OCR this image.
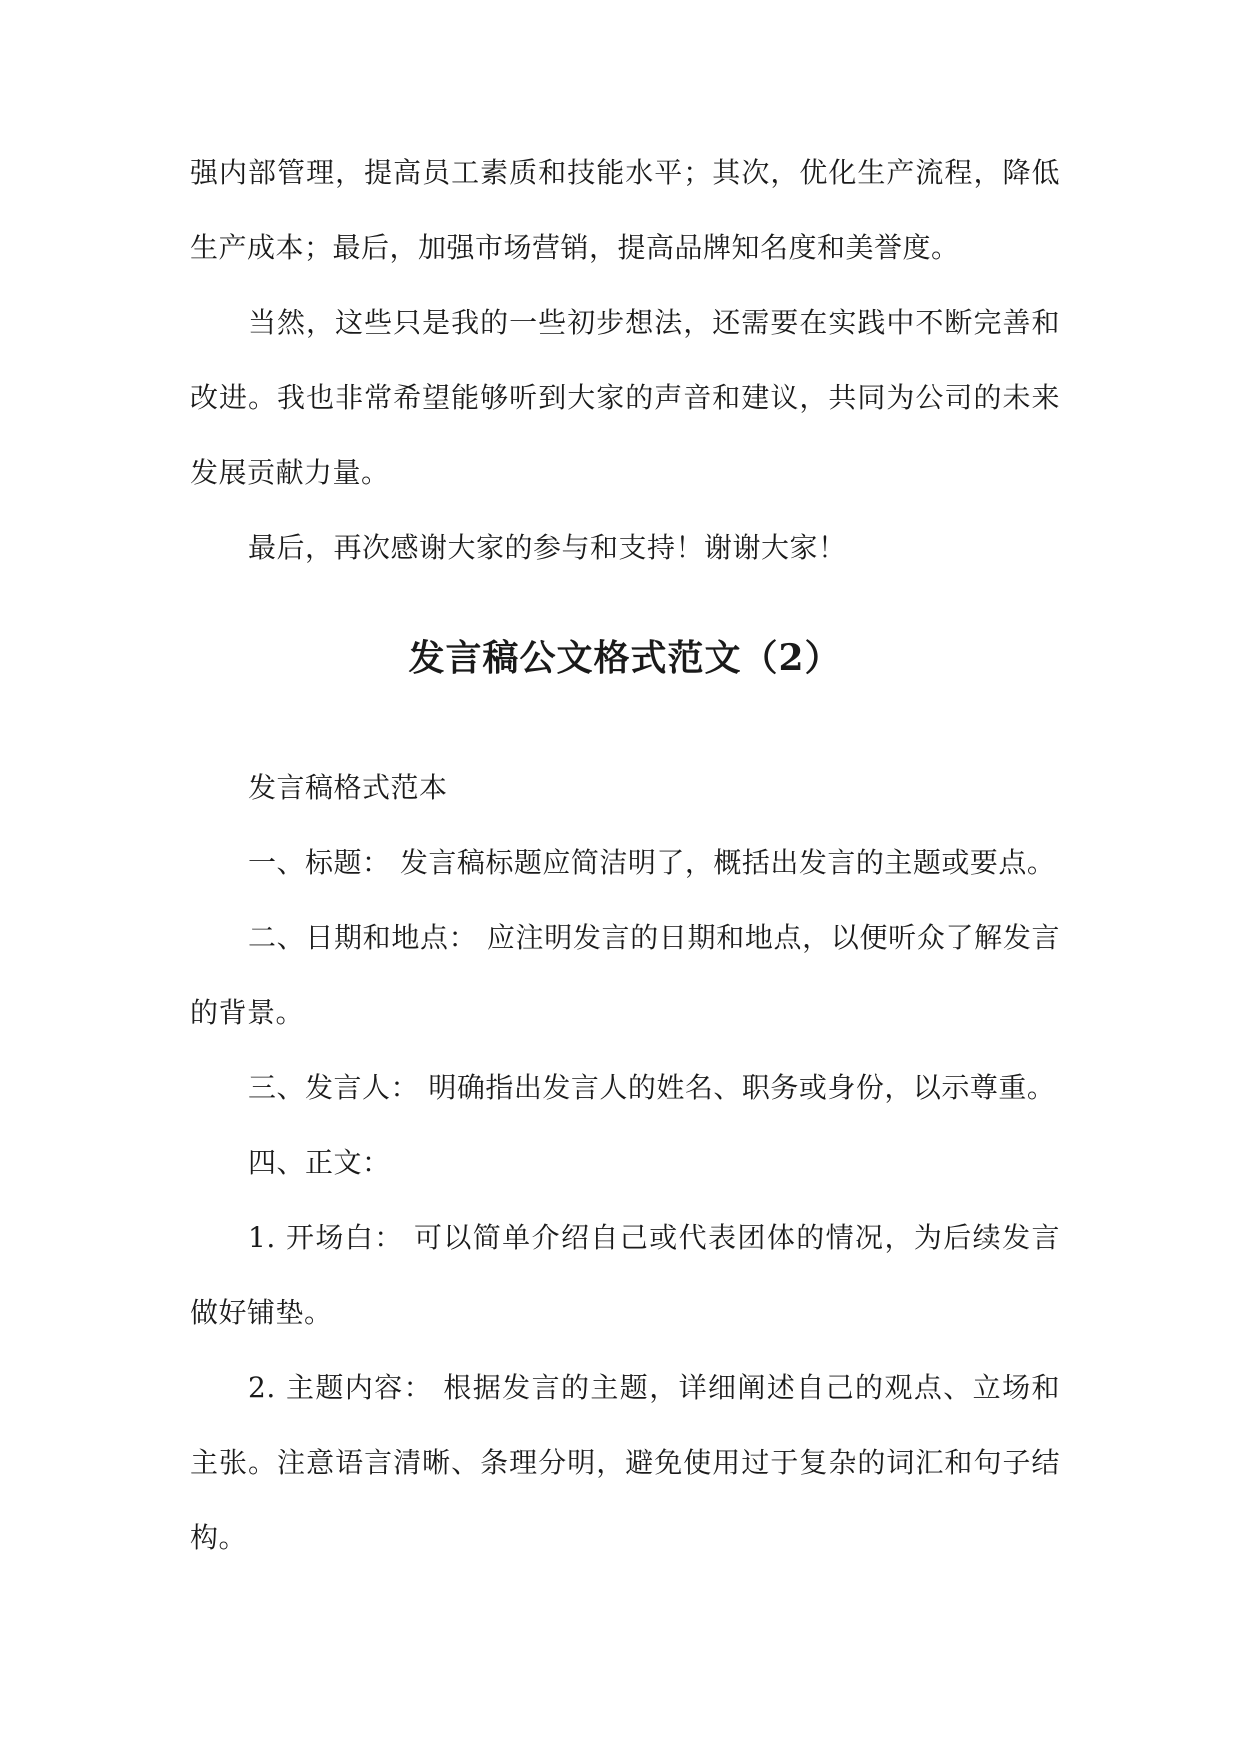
强内部管理，提高员工素质和技能水平；其次，优化生产流程，降低生产成本；最后，加强市场营销，提高品牌知名度和美誉度。

当然，这些只是我的一些初步想法，还需要在实践中不断完善和改进。我也非常希望能够听到大家的声音和建议，共同为公司的未来发展贡献力量。

最后，再次感谢大家的参与和支持！谢谢大家！

发言稿公文格式范文（2）

发言稿格式范本

一、标题： 发言稿标题应简洁明了，概括出发言的主题或要点。

二、日期和地点： 应注明发言的日期和地点，以便听众了解发言的背景。

三、发言人： 明确指出发言人的姓名、职务或身份，以示尊重。

四、正文：

1. 开场白： 可以简单介绍自己或代表团体的情况，为后续发言做好铺垫。

2. 主题内容： 根据发言的主题，详细阐述自己的观点、立场和主张。注意语言清晰、条理分明，避免使用过于复杂的词汇和句子结构。
